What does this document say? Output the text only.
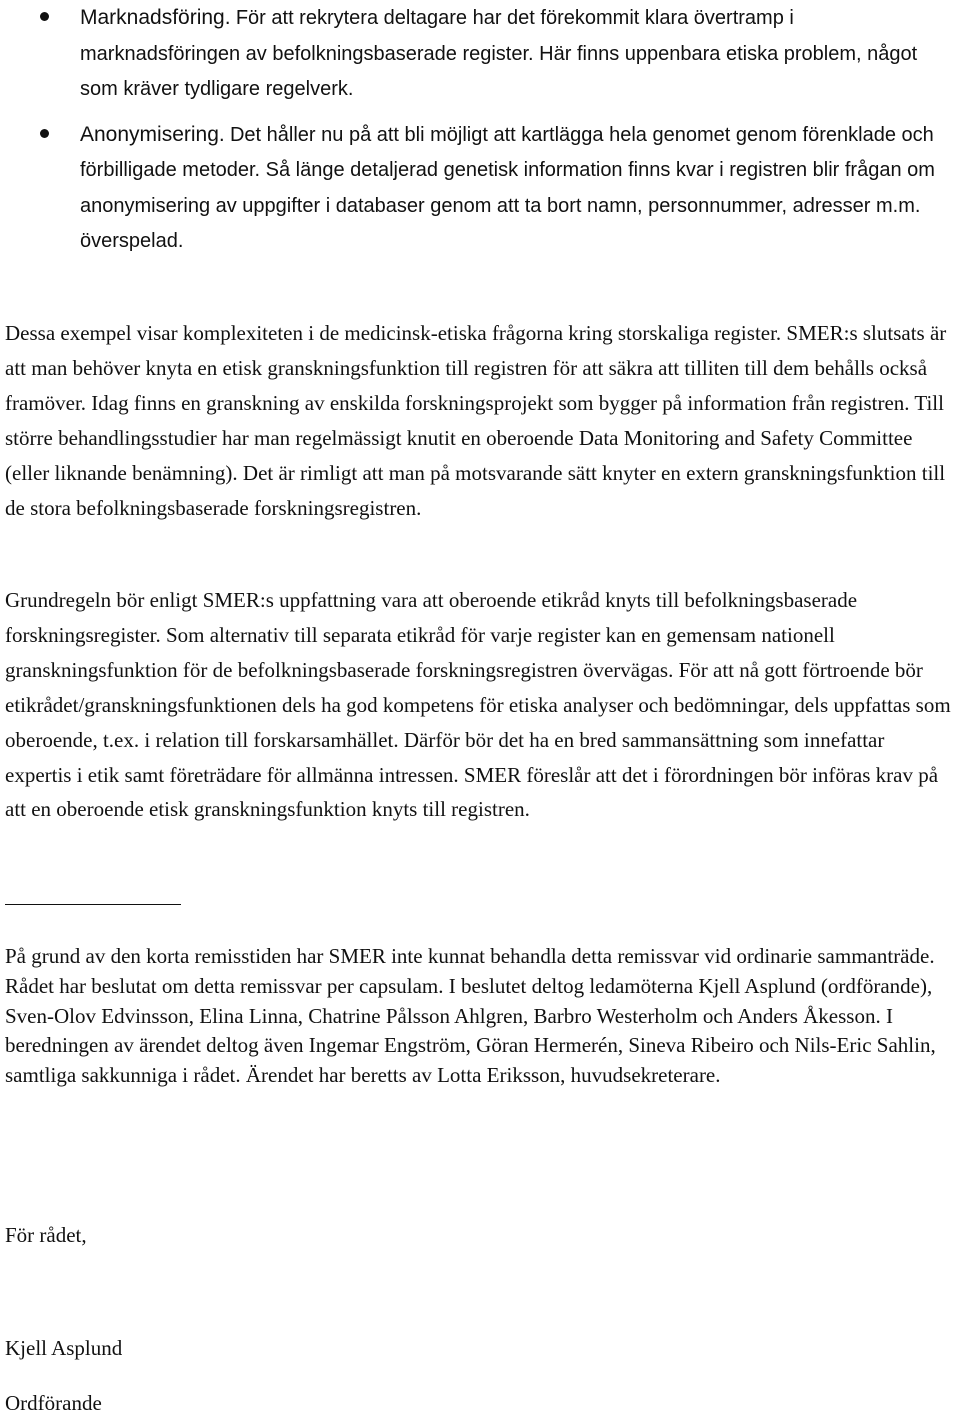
Marknadsföring. För att rekrytera deltagare har det förekommit klara övertramp i marknadsföringen av befolkningsbaserade register. Här finns uppenbara etiska problem, något som kräver tydligare regelverk.
Anonymisering. Det håller nu på att bli möjligt att kartlägga hela genomet genom förenklade och förbilligade metoder. Så länge detaljerad genetisk information finns kvar i registren blir frågan om anonymisering av uppgifter i databaser genom att ta bort namn, personnummer, adresser m.m. överspelad.

Dessa exempel visar komplexiteten i de medicinsk-etiska frågorna kring storskaliga register. SMER:s slutsats är att man behöver knyta en etisk granskningsfunktion till registren för att säkra att tilliten till dem behålls också framöver. Idag finns en granskning av enskilda forskningsprojekt som bygger på information från registren. Till större behandlingsstudier har man regelmässigt knutit en oberoende Data Monitoring and Safety Committee (eller liknande benämning). Det är rimligt att man på motsvarande sätt knyter en extern granskningsfunktion till de stora befolkningsbaserade forskningsregistren.

Grundregeln bör enligt SMER:s uppfattning vara att oberoende etikråd knyts till befolkningsbaserade forskningsregister. Som alternativ till separata etikråd för varje register kan en gemensam nationell granskningsfunktion för de befolkningsbaserade forskningsregistren övervägas. För att nå gott förtroende bör etikrådet/granskningsfunktionen dels ha god kompetens för etiska analyser och bedömningar, dels uppfattas som oberoende, t.ex. i relation till forskarsamhället. Därför bör det ha en bred sammansättning som innefattar expertis i etik samt företrädare för allmänna intressen. SMER föreslår att det i förordningen bör införas krav på att en oberoende etisk granskningsfunktion knyts till registren.

På grund av den korta remisstiden har SMER inte kunnat behandla detta remissvar vid ordinarie sammanträde. Rådet har beslutat om detta remissvar per capsulam. I beslutet deltog ledamöterna Kjell Asplund (ordförande), Sven-Olov Edvinsson, Elina Linna, Chatrine Pålsson Ahlgren, Barbro Westerholm och Anders Åkesson. I beredningen av ärendet deltog även Ingemar Engström, Göran Hermerén, Sineva Ribeiro och Nils-Eric Sahlin, samtliga sakkunniga i rådet. Ärendet har beretts av Lotta Eriksson, huvudsekreterare.

För rådet,

Kjell Asplund

Ordförande
